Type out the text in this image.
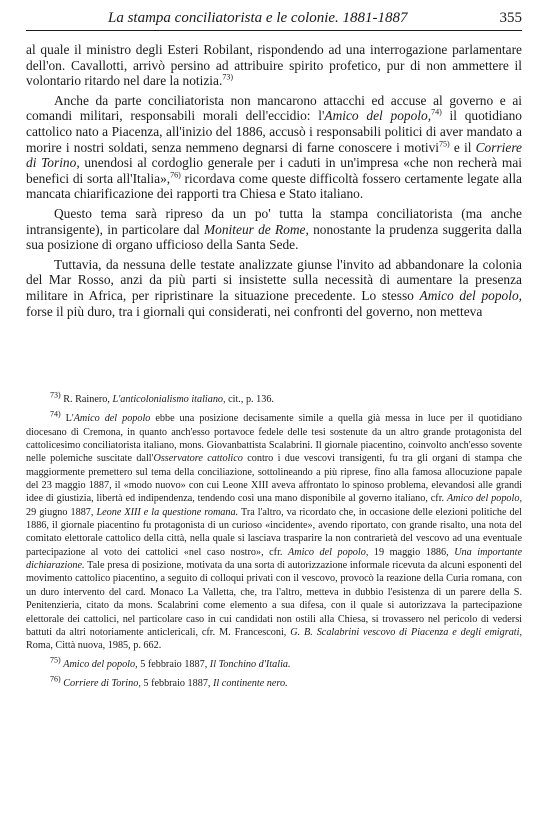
La stampa conciliatorista e le colonie. 1881-1887	355

al quale il ministro degli Esteri Robilant, rispondendo ad una interrogazione parlamentare dell'on. Cavallotti, arrivò persino ad attribuire spirito profetico, pur di non ammettere il volontario ritardo nel dare la notizia.$^{73)}$

Anche da parte conciliatorista non mancarono attacchi ed accuse al governo e ai comandi militari, responsabili morali dell'eccidio: l'Amico del popolo,$^{74)}$ il quotidiano cattolico nato a Piacenza, all'inizio del 1886, accusò i responsabili politici di aver mandato a morire i nostri soldati, senza nemmeno degnarsi di farne conoscere i motivi$^{75)}$ e il Corriere di Torino, unendosi al cordoglio generale per i caduti in un'impresa «che non recherà mai benefici di sorta all'Italia»,$^{76)}$ ricordava come queste difficoltà fossero certamente legate alla mancata chiarificazione dei rapporti tra Chiesa e Stato italiano.

Questo tema sarà ripreso da un po' tutta la stampa conciliatorista (ma anche intransigente), in particolare dal Moniteur de Rome, nonostante la prudenza suggerita dalla sua posizione di organo ufficioso della Santa Sede.

Tuttavia, da nessuna delle testate analizzate giunse l'invito ad abbandonare la colonia del Mar Rosso, anzi da più parti si insistette sulla necessità di aumentare la presenza militare in Africa, per ripristinare la situazione precedente. Lo stesso Amico del popolo, forse il più duro, tra i giornali qui considerati, nei confronti del governo, non metteva

$^{73)}$ R. Rainero, L'anticolonialismo italiano, cit., p. 136.

$^{74)}$ L'Amico del popolo ebbe una posizione decisamente simile a quella già messa in luce per il quotidiano diocesano di Cremona, in quanto anch'esso portavoce fedele delle tesi sostenute da un altro grande protagonista del cattolicesimo conciliatorista italiano, mons. Giovanbattista Scalabrini. Il giornale piacentino, coinvolto anch'esso sovente nelle polemiche suscitate dall'Osservatore cattolico contro i due vescovi transigenti, fu tra gli organi di stampa che maggiormente premettero sul tema della conciliazione, sottolineando a più riprese, fino alla famosa allocuzione papale del 23 maggio 1887, il «modo nuovo» con cui Leone XIII aveva affrontato lo spinoso problema, elevandosi alle grandi idee di giustizia, libertà ed indipendenza, tendendo così una mano disponibile al governo italiano, cfr. Amico del popolo, 29 giugno 1887, Leone XIII e la questione romana. Tra l'altro, va ricordato che, in occasione delle elezioni politiche del 1886, il giornale piacentino fu protagonista di un curioso «incidente», avendo riportato, con grande risalto, una nota del comitato elettorale cattolico della città, nella quale si lasciava trasparire la non contrarietà del vescovo ad una eventuale partecipazione al voto dei cattolici «nel caso nostro», cfr. Amico del popolo, 19 maggio 1886, Una importante dichiarazione. Tale presa di posizione, motivata da una sorta di autorizzazione informale ricevuta da alcuni esponenti del movimento cattolico piacentino, a seguito di colloqui privati con il vescovo, provocò la reazione della Curia romana, con un duro intervento del card. Monaco La Valletta, che, tra l'altro, metteva in dubbio l'esistenza di un parere della S. Penitenzieria, citato da mons. Scalabrini come elemento a sua difesa, con il quale si autorizzava la partecipazione elettorale dei cattolici, nel particolare caso in cui candidati non ostili alla Chiesa, si trovassero nel pericolo di vedersi battuti da altri notoriamente anticlericali, cfr. M. Francesconi, G. B. Scalabrini vescovo di Piacenza e degli emigrati, Roma, Città nuova, 1985, p. 662.

$^{75)}$ Amico del popolo, 5 febbraio 1887, Il Tonchino d'Italia.

$^{76)}$ Corriere di Torino, 5 febbraio 1887, Il continente nero.
